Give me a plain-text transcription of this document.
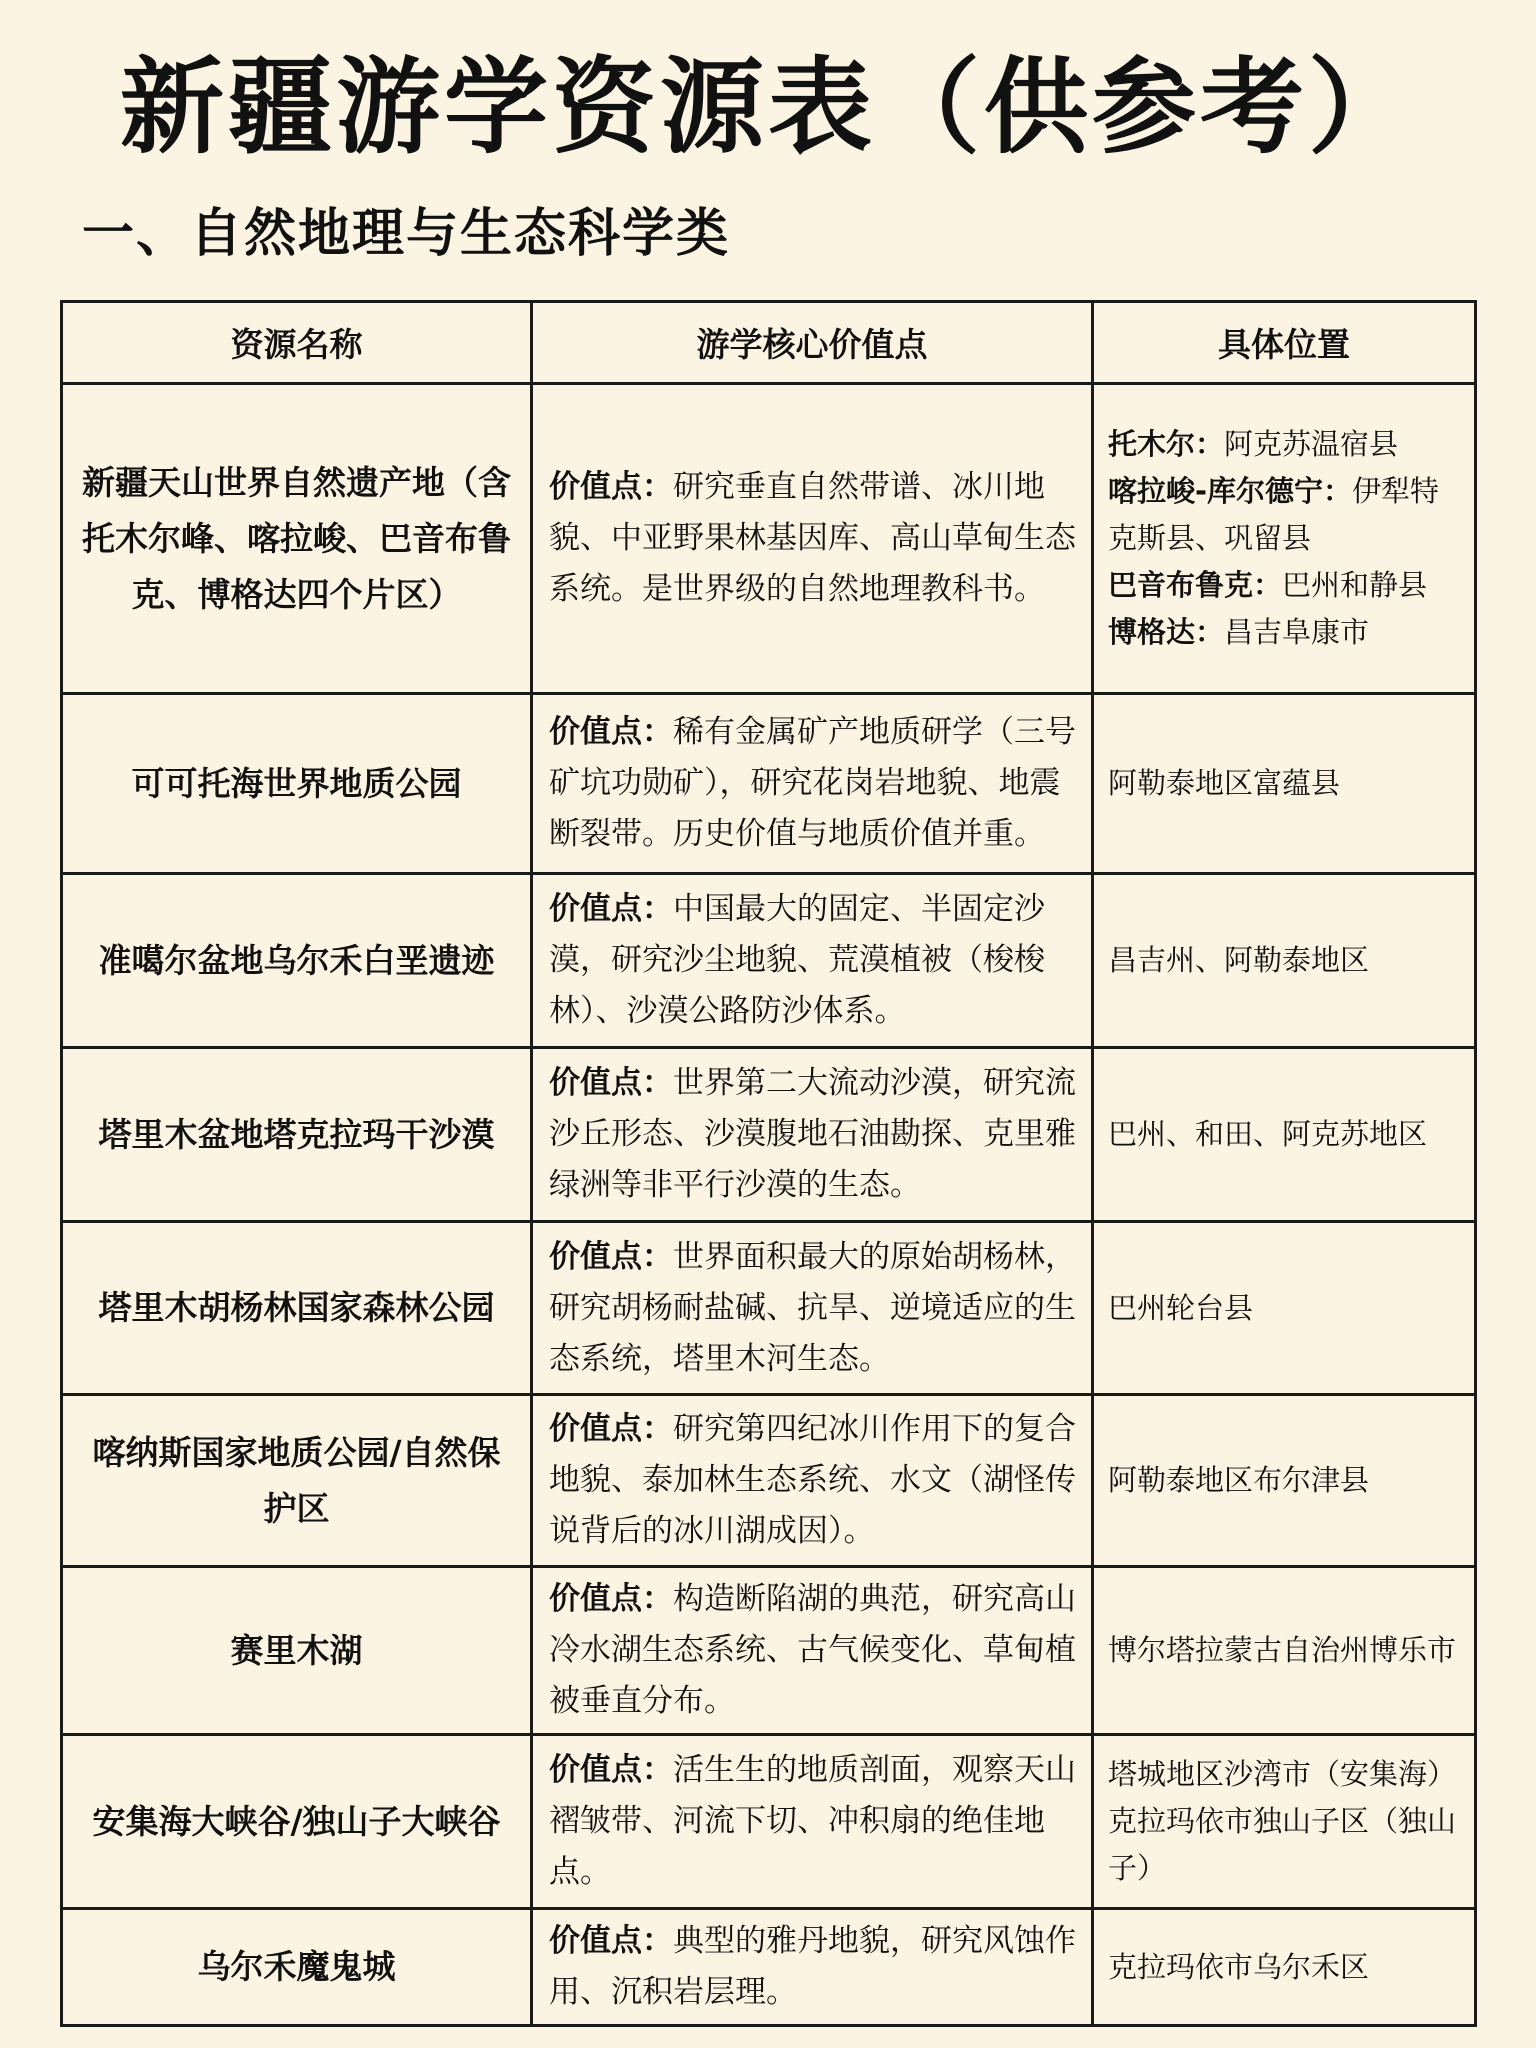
新疆游学资源表（供参考）
一、自然地理与生态科学类
资源名称	游学核心价值点	具体位置
新疆天山世界自然遗产地（含托木尔峰、喀拉峻、巴音布鲁克、博格达四个片区）	价值点：研究垂直自然带谱、冰川地貌、中亚野果林基因库、高山草甸生态系统。是世界级的自然地理教科书。	托木尔：阿克苏温宿县
喀拉峻-库尔德宁：伊犁特克斯县、巩留县
巴音布鲁克：巴州和静县
博格达：昌吉阜康市

可可托海世界地质公园	价值点：稀有金属矿产地质研学（三号矿坑功勋矿），研究花岗岩地貌、地震断裂带。历史价值与地质价值并重。	阿勒泰地区富蕴县

准噶尔盆地乌尔禾白垩遗迹	价值点：中国最大的固定、半固定沙漠，研究沙尘地貌、荒漠植被（梭梭林）、沙漠公路防沙体系。	昌吉州、阿勒泰地区

塔里木盆地塔克拉玛干沙漠	价值点：世界第二大流动沙漠，研究流沙丘形态、沙漠腹地石油勘探、克里雅绿洲等非平行沙漠的生态。	巴州、和田、阿克苏地区

塔里木胡杨林国家森林公园	价值点：世界面积最大的原始胡杨林，研究胡杨耐盐碱、抗旱、逆境适应的生态系统，塔里木河生态。	巴州轮台县

喀纳斯国家地质公园/自然保护区	价值点：研究第四纪冰川作用下的复合地貌、泰加林生态系统、水文（湖怪传说背后的冰川湖成因）。	阿勒泰地区布尔津县

赛里木湖	价值点：构造断陷湖的典范，研究高山冷水湖生态系统、古气候变化、草甸植被垂直分布。	博尔塔拉蒙古自治州博乐市

安集海大峡谷/独山子大峡谷	价值点：活生生的地质剖面，观察天山褶皱带、河流下切、冲积扇的绝佳地点。	塔城地区沙湾市（安集海）
克拉玛依市独山子区（独山子）

乌尔禾魔鬼城	价值点：典型的雅丹地貌，研究风蚀作用、沉积岩层理。	克拉玛依市乌尔禾区
